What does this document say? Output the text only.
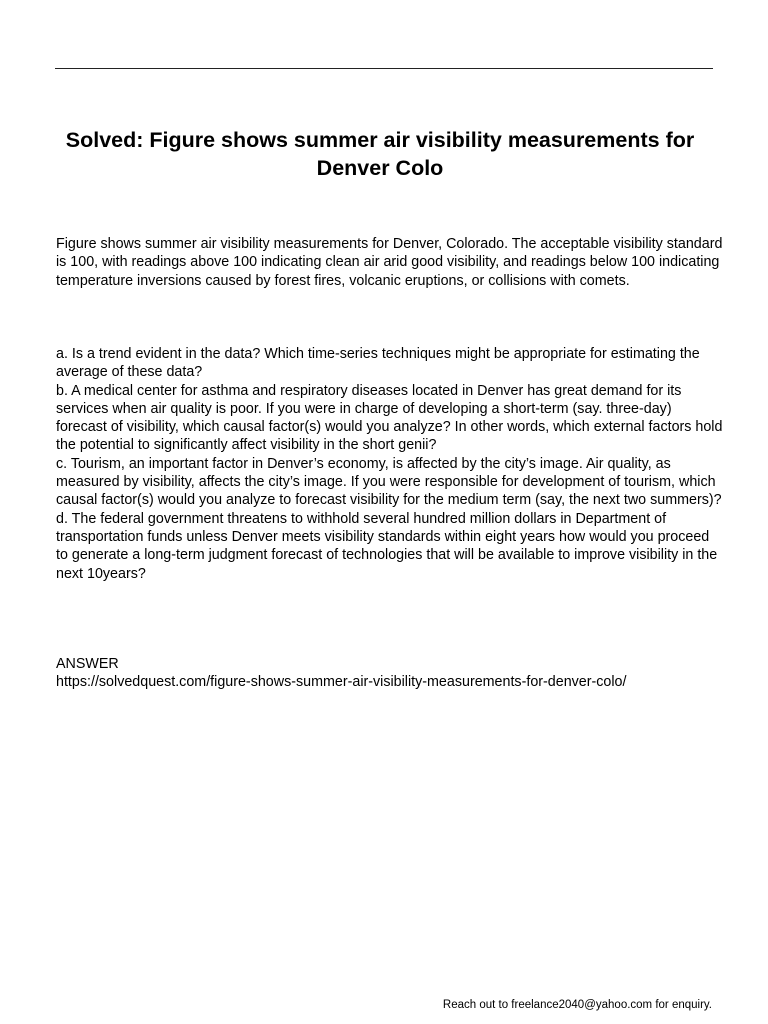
Solved: Figure shows summer air visibility measurements for Denver Colo

Figure shows summer air visibility measurements for Denver, Colorado. The acceptable visibility standard is 100, with readings above 100 indicating clean air arid good visibility, and readings below 100 indicating temperature inversions caused by forest fires, volcanic eruptions, or collisions with comets.

a. Is a trend evident in the data? Which time-series techniques might be appropriate for estimating the average of these data?
b. A medical center for asthma and respiratory diseases located in Denver has great demand for its services when air quality is poor. If you were in charge of developing a short-term (say. three-day) forecast of visibility, which causal factor(s) would you analyze? In other words, which external factors hold the potential to significantly affect visibility in the short genii?
c. Tourism, an important factor in Denver’s economy, is affected by the city’s image. Air quality, as measured by visibility, affects the city’s image. If you were responsible for development of tourism, which causal factor(s) would you analyze to forecast visibility for the medium term (say, the next two summers)?
d. The federal government threatens to withhold several hundred million dollars in Department of transportation funds unless Denver meets visibility standards within eight years how would you proceed to generate a long-term judgment forecast of technologies that will be available to improve visibility in the next 10years?

ANSWER

https://solvedquest.com/figure-shows-summer-air-visibility-measurements-for-denver-colo/

Reach out to freelance2040@yahoo.com for enquiry.
